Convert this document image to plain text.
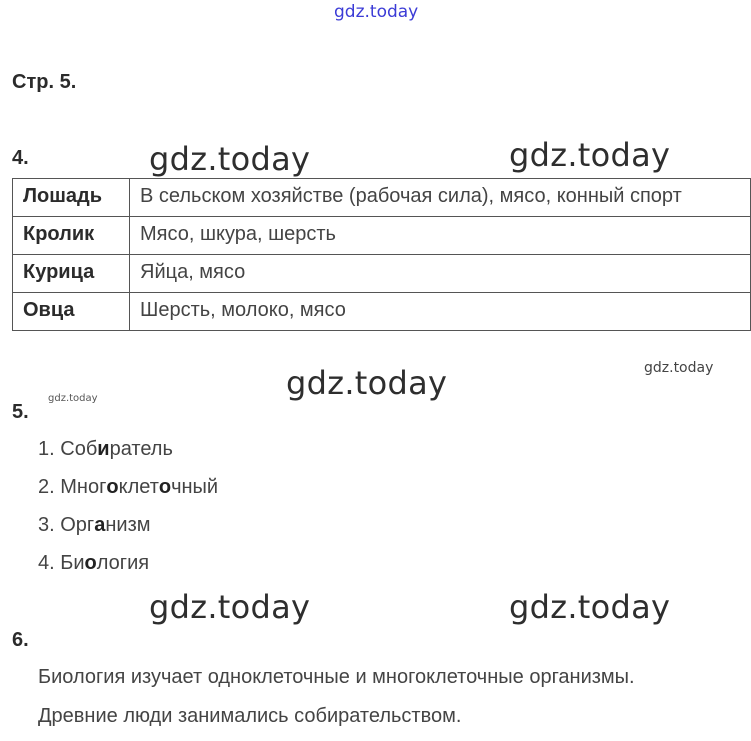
gdz.today
gdz.today	gdz.today
gdz.today
gdz.today	gdz.today
gdz.today
gdz.today
Стр. 5.
4.
Лошадь	В сельском хозяйстве (рабочая сила), мясо, конный спорт
Кролик	Мясо, шкура, шерсть
Курица	Яйца, мясо
Овца	Шерсть, молоко, мясо
5.
1. Собиратель
2. Многоклеточный
3. Организм
4. Биология
6.
Биология изучает одноклеточные и многоклеточные организмы.
Древние люди занимались собирательством.
